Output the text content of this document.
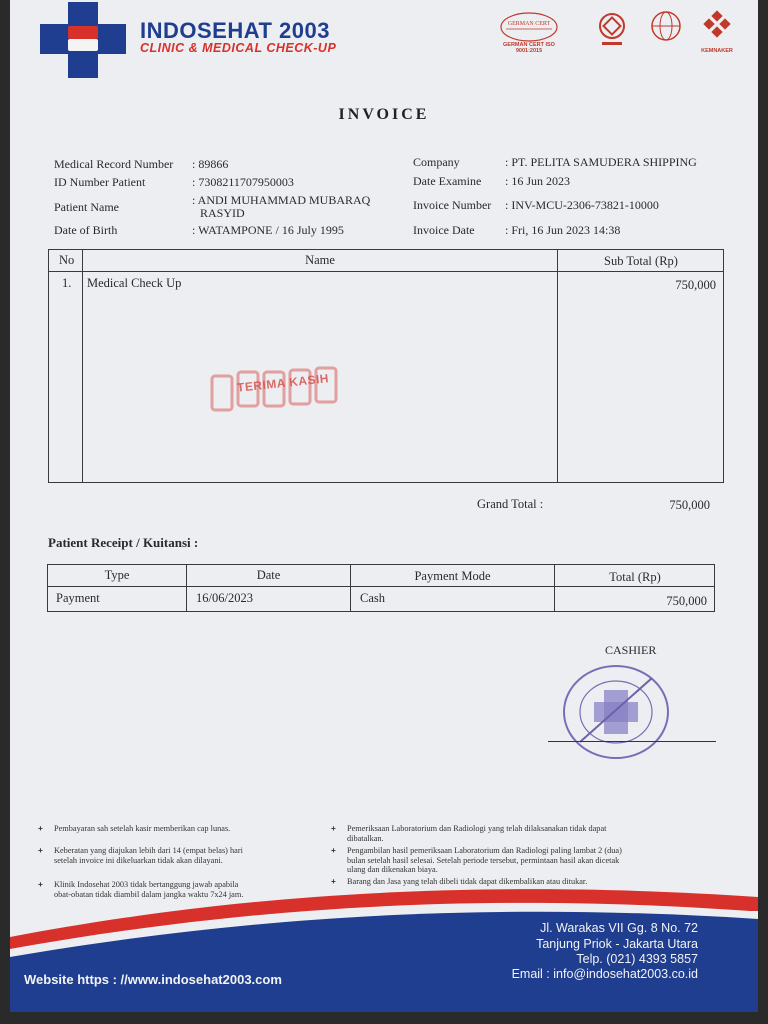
INDOSEHAT 2003
CLINIC & MEDICAL CHECK-UP
GERMAN CERT
GERMAN CERT ISO 9001:2015	KEMNAKER
INVOICE
Medical Record Number : 89866
ID Number Patient	: 7308211707950003
Patient Name	: ANDI MUHAMMAD MUBARAQ
RASYID
Date of Birth	: WATAMPONE / 16 July 1995
Company	: PT. PELITA SAMUDERA SHIPPING
Date Examine : 16 Jun 2023
Invoice Number : INV-MCU-2306-73821-10000
Invoice Date	: Fri, 16 Jun 2023 14:38
No	Name	Sub Total (Rp)
1. Medical Check Up	750,000
TERIMA KASIH
Grand Total :	750,000
Patient Receipt / Kuitansi :
Type	Date	Payment Mode	Total (Rp)
Payment	16/06/2023	Cash	750,000
CASHIER
+ Pembayaran sah setelah kasir memberikan cap lunas.
+ Keberatan yang diajukan lebih dari 14 (empat belas) hari
setelah invoice ini dikeluarkan tidak akan dilayani.
+ Klinik Indosehat 2003 tidak bertanggung jawab apabila
obat-obatan tidak diambil dalam jangka waktu 7x24 jam.
+ Pemeriksaan Laboratorium dan Radiologi yang telah dilaksanakan tidak dapat
dibatalkan.
+ Pengambilan hasil pemeriksaan Laboratorium dan Radiologi paling lambat 2 (dua)
bulan setelah hasil selesai. Setelah periode tersebut, permintaan hasil akan dicetak
ulang dan dikenakan biaya.
+ Barang dan Jasa yang telah dibeli tidak dapat dikembalikan atau ditukar.
Jl. Warakas VII Gg. 8 No. 72
Tanjung Priok - Jakarta Utara
Telp. (021) 4393 5857
Email : info@indosehat2003.co.id
Website https : //www.indosehat2003.com
